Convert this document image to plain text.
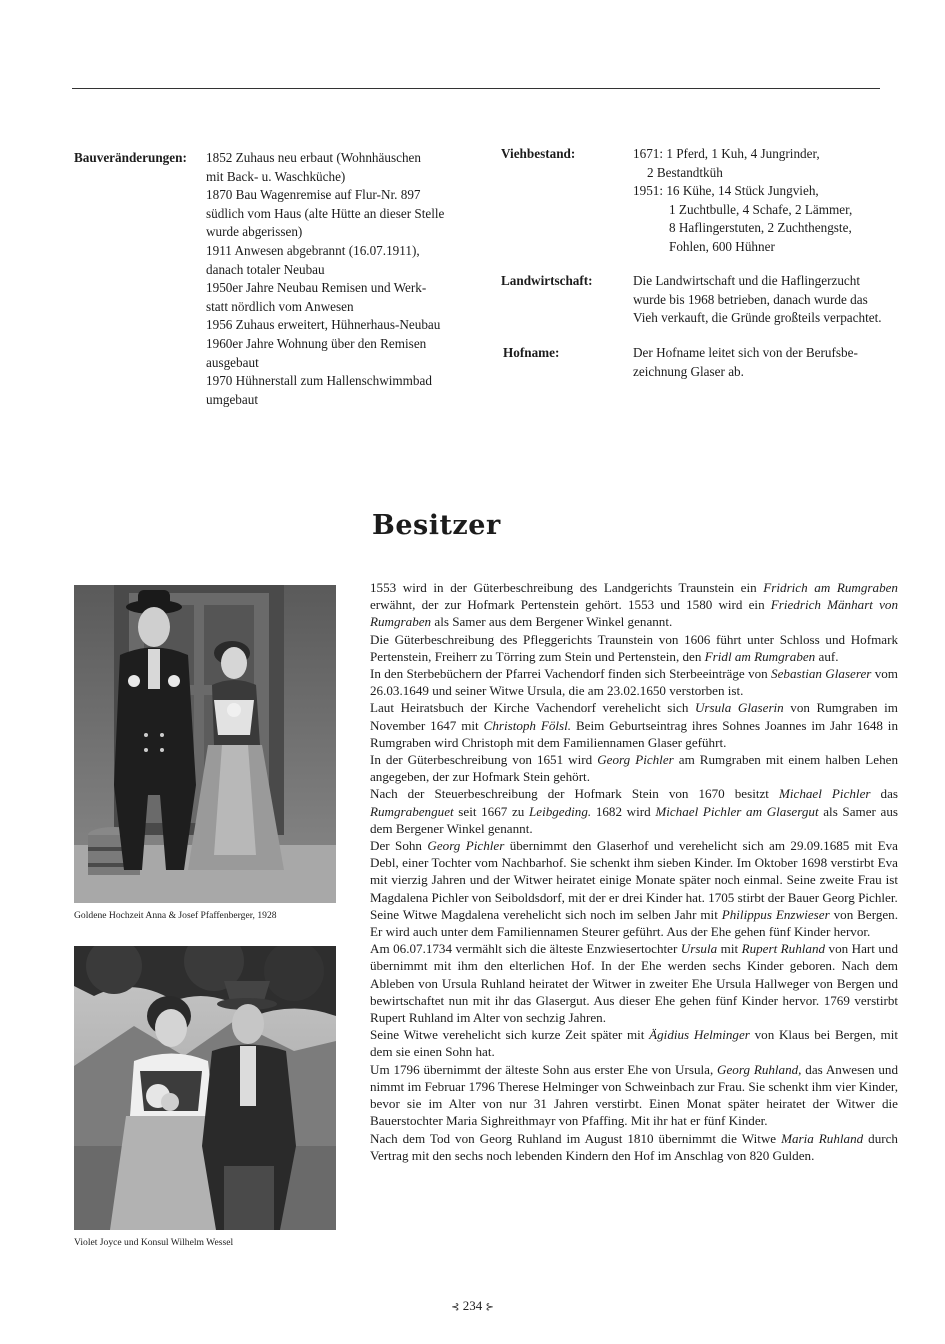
Bauveränderungen: 1852 Zuhaus neu erbaut (Wohnhäuschen
mit Back- u. Waschküche)
1870 Bau Wagenremise auf Flur-Nr. 897
südlich vom Haus (alte Hütte an dieser Stelle
wurde abgerissen)
1911 Anwesen abgebrannt (16.07.1911),
danach totaler Neubau
1950er Jahre Neubau Remisen und Werk-
statt nördlich vom Anwesen
1956 Zuhaus erweitert, Hühnerhaus-Neubau
1960er Jahre Wohnung über den Remisen
ausgebaut
1970 Hühnerstall zum Hallenschwimmbad
umgebaut
Viehbestand:	1671: 1 Pferd, 1 Kuh, 4 Jungrinder,
2 Bestandtküh
1951: 16 Kühe, 14 Stück Jungvieh,
1 Zuchtbulle, 4 Schafe, 2 Lämmer,
8 Haflingerstuten, 2 Zuchthengste,
Fohlen, 600 Hühner
Landwirtschaft:	Die Landwirtschaft und die Haflingerzucht
wurde bis 1968 betrieben, danach wurde das
Vieh verkauft, die Gründe großteils verpachtet.
Hofname:	Der Hofname leitet sich von der Berufsbe-
zeichnung Glaser ab.
Besitzer
Goldene Hochzeit Anna & Josef Pfaffenberger, 1928
Violet Joyce und Konsul Wilhelm Wessel

1553 wird in der Güterbeschreibung des Landgerichts Traunstein ein Fridrich am Rumgraben erwähnt, der zur Hofmark Pertenstein gehört. 1553 und 1580 wird ein Friedrich Mänhart von Rumgraben als Samer aus dem Bergener Winkel genannt.

Die Güterbeschreibung des Pfleggerichts Traunstein von 1606 führt unter Schloss und Hofmark Pertenstein, Freiherr zu Törring zum Stein und Pertenstein, den Fridl am Rumgraben auf.

In den Sterbebüchern der Pfarrei Vachendorf finden sich Sterbeeinträge von Sebastian Glaserer vom 26.03.1649 und seiner Witwe Ursula, die am 23.02.1650 verstorben ist.

Laut Heiratsbuch der Kirche Vachendorf verehelicht sich Ursula Glaserin von Rumgraben im November 1647 mit Christoph Fölsl. Beim Geburtseintrag ihres Sohnes Joannes im Jahr 1648 in Rumgraben wird Christoph mit dem Familiennamen Glaser geführt.

In der Güterbeschreibung von 1651 wird Georg Pichler am Rumgraben mit einem halben Lehen angegeben, der zur Hofmark Stein gehört.

Nach der Steuerbeschreibung der Hofmark Stein von 1670 besitzt Michael Pichler das Rumgrabenguet seit 1667 zu Leibgeding. 1682 wird Michael Pichler am Glasergut als Samer aus dem Bergener Winkel genannt.

Der Sohn Georg Pichler übernimmt den Glaserhof und verehelicht sich am 29.09.1685 mit Eva Debl, einer Tochter vom Nachbarhof. Sie schenkt ihm sieben Kinder. Im Oktober 1698 verstirbt Eva mit vierzig Jahren und der Witwer heiratet einige Monate später noch einmal. Seine zweite Frau ist Magdalena Pichler von Seiboldsdorf, mit der er drei Kinder hat. 1705 stirbt der Bauer Georg Pichler.

Seine Witwe Magdalena verehelicht sich noch im selben Jahr mit Philippus Enzwieser von Bergen. Er wird auch unter dem Familiennamen Steurer geführt. Aus der Ehe gehen fünf Kinder hervor.

Am 06.07.1734 vermählt sich die älteste Enzwiesertochter Ursula mit Rupert Ruhland von Hart und übernimmt mit ihm den elterlichen Hof. In der Ehe werden sechs Kinder geboren. Nach dem Ableben von Ursula Ruhland heiratet der Witwer in zweiter Ehe Ursula Hallweger von Bergen und bewirtschaftet nun mit ihr das Glasergut. Aus dieser Ehe gehen fünf Kinder hervor. 1769 verstirbt Rupert Ruhland im Alter von sechzig Jahren.

Seine Witwe verehelicht sich kurze Zeit später mit Ägidius Helminger von Klaus bei Bergen, mit dem sie einen Sohn hat.

Um 1796 übernimmt der älteste Sohn aus erster Ehe von Ursula, Georg Ruhland, das Anwesen und nimmt im Februar 1796 Therese Helminger von Schweinbach zur Frau. Sie schenkt ihm vier Kinder, bevor sie im Alter von nur 31 Jahren verstirbt. Einen Monat später heiratet der Witwer die Bauerstochter Maria Sighreithmayr von Pfaffing. Mit ihr hat er fünf Kinder.

Nach dem Tod von Georg Ruhland im August 1810 übernimmt die Witwe Maria Ruhland durch Vertrag mit den sechs noch lebenden Kindern den Hof im Anschlag von 820 Gulden.

⊰ 234 ⊱
